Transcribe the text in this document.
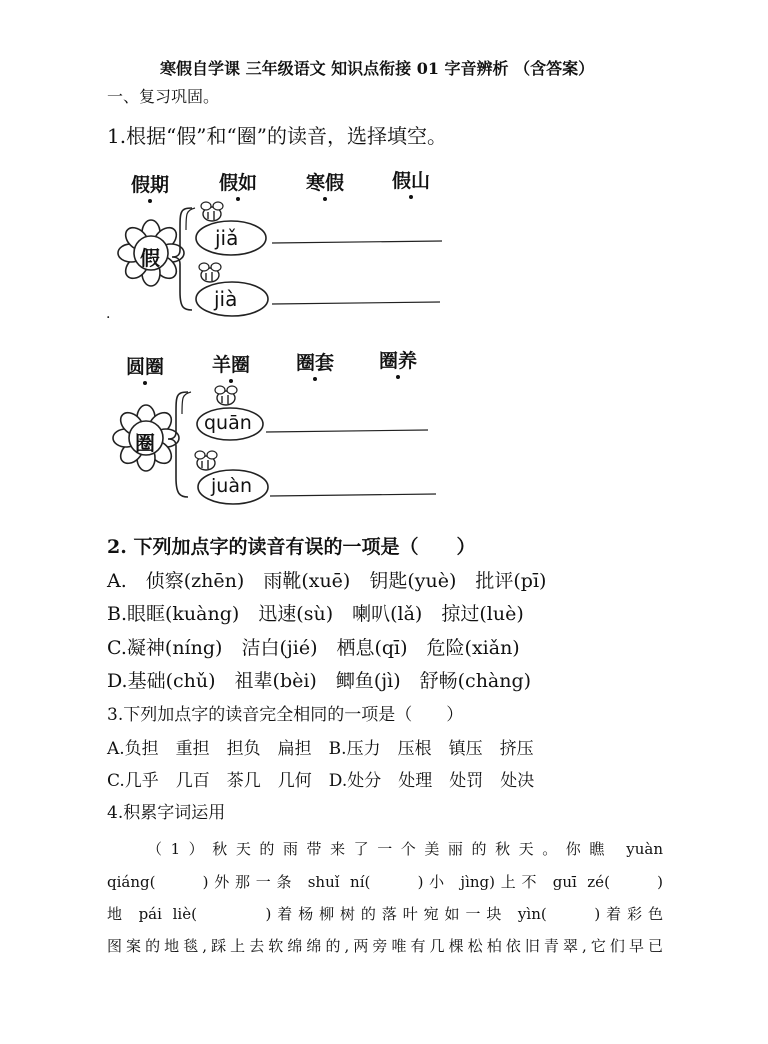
寒假自学课 三年级语文 知识点衔接 01 字音辨析 （含答案）
一、复习巩固。
1.根据“假”和“圈”的读音，选择填空。
假期	假如	寒假	假山
圆圈	羊圈 圈套 圈养
假
圈
jiǎ
jià
quān
juàn
.
2. 下列加点字的读音有误的一项是（　　）
A.　侦察(zhēn)　雨靴(xuē)　钥匙(yuè)　批评(pī)
B.眼眶(kuàng)　迅速(sù)　喇叭(lǎ)　掠过(luè)
C.凝神(níng)　洁白(jié)　栖息(qī)　危险(xiǎn)
D.基础(chǔ)　祖辈(bèi)　鲫鱼(jì)　舒畅(chàng)
3.下列加点字的读音完全相同的一项是（　　）
A.负担　重担　担负　扁担　B.压力　压根　镇压　挤压
C.几乎　几百　茶几　几何　D.处分　处理　处罚　处决
4.积累字词运用
（1）秋天的雨带来了一个美丽的秋天。你瞧 yuàn
qiáng(　　)外那一条 shuǐ ní(　　)小 jìng)上不 guī zé(　　)
地 pái liè(　　　)着杨柳树的落叶宛如一块 yìn(　　)着彩色
图案的地毯,踩上去软绵绵的,两旁唯有几棵松柏依旧青翠,它们早已
